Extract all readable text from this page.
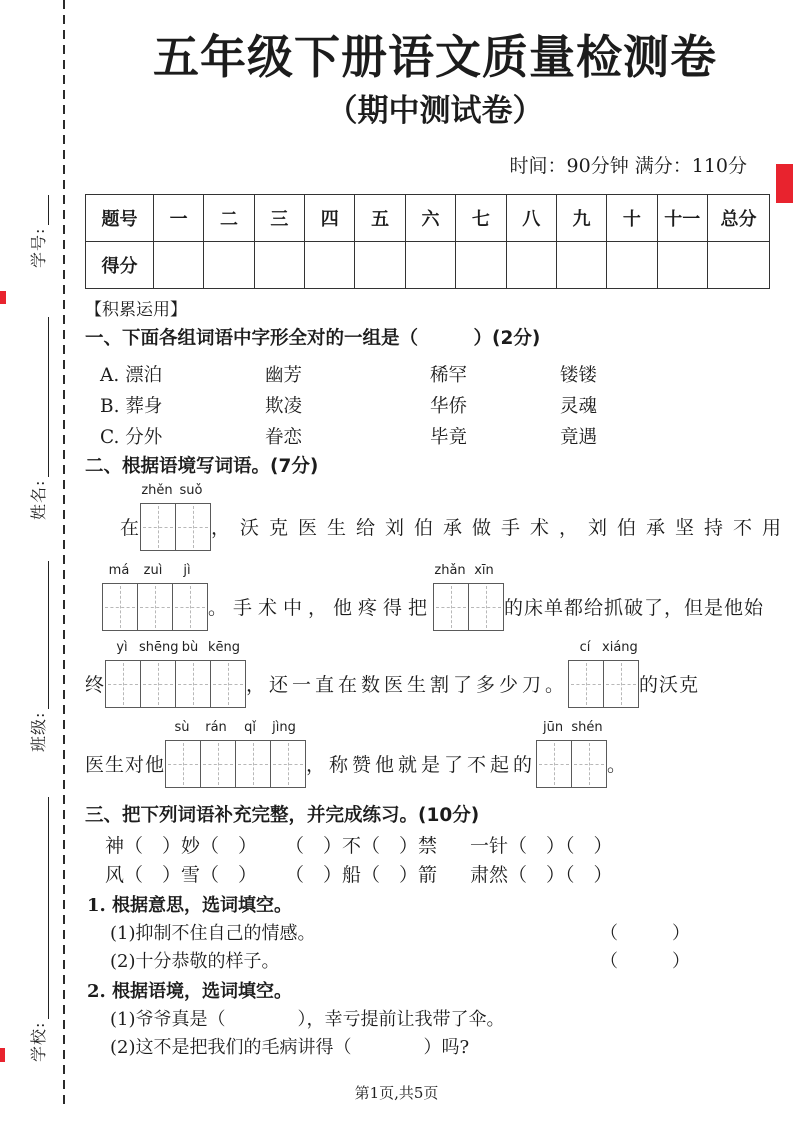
学号:
姓名:
班级:
学校:
五年级下册语文质量检测卷
（期中测试卷）
时间：90分钟 满分：110分
题号	一	二	三	四	五	六	七	八	九	十	十一	总分
得分												
【积累运用】
一、下面各组词语中字形全对的一组是（　　　）(2分)
A. 漂泊	幽芳	稀罕	镂镂
B. 葬身	欺凌	华侨	灵魂
C. 分外	眷恋	毕竟	竟遇
二、根据语境写词语。(7分)
在
zhěn suǒ
，沃克医生给刘伯承做手术，刘伯承坚持不用
má	zuì	jì
。手术中，他疼得把
zhǎn xīn
的床单都给抓破了，但是他始
终
yì shēng bù kēng
，还一直在数医生割了多少刀。
cí xiáng
的沃克
医生对他
sù	rán	qǐ	jìng
，称赞他就是了不起的
jūn shén
。
三、把下列词语补充完整，并完成练习。(10分)
神（　）妙（　）	（　）不（　）禁	一针（　）（　）
风（　）雪（　）	（　）船（　）箭	肃然（　）（　）
1. 根据意思，选词填空。
(1)抑制不住自己的情感。	（　　　）
(2)十分恭敬的样子。	（　　　）
2. 根据语境，选词填空。
(1)爷爷真是（　　　　），幸亏提前让我带了伞。
(2)这不是把我们的毛病讲得（　　　　）吗?
第1页,共5页
